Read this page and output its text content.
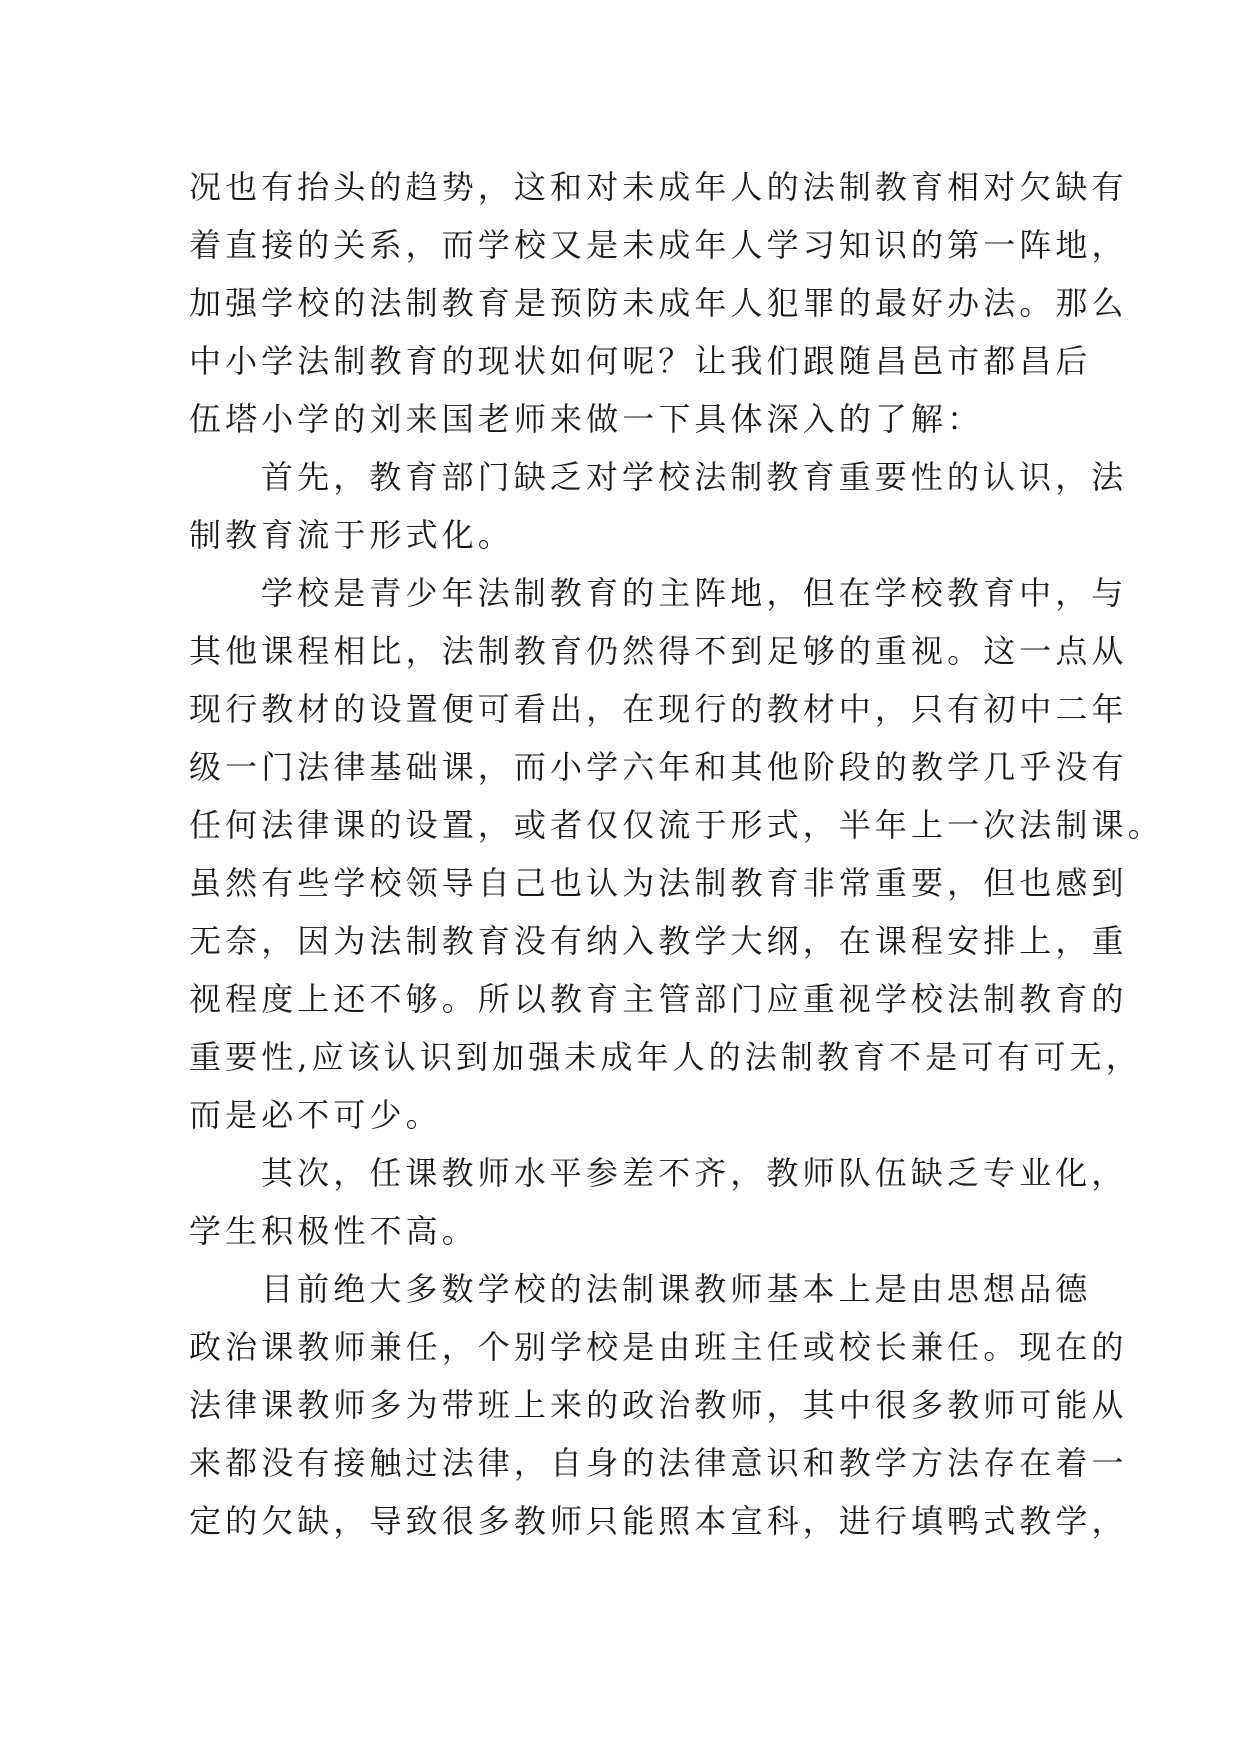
况也有抬头的趋势，这和对未成年人的法制教育相对欠缺有
着直接的关系，而学校又是未成年人学习知识的第一阵地，
加强学校的法制教育是预防未成年人犯罪的最好办法。那么
中小学法制教育的现状如何呢？让我们跟随昌邑市都昌后
伍塔小学的刘来国老师来做一下具体深入的了解：
首先，教育部门缺乏对学校法制教育重要性的认识，法
制教育流于形式化。
学校是青少年法制教育的主阵地，但在学校教育中，与
其他课程相比，法制教育仍然得不到足够的重视。这一点从
现行教材的设置便可看出，在现行的教材中，只有初中二年
级一门法律基础课，而小学六年和其他阶段的教学几乎没有
任何法律课的设置，或者仅仅流于形式，半年上一次法制课。
虽然有些学校领导自己也认为法制教育非常重要，但也感到
无奈，因为法制教育没有纳入教学大纲，在课程安排上，重
视程度上还不够。所以教育主管部门应重视学校法制教育的
重要性,应该认识到加强未成年人的法制教育不是可有可无，
而是必不可少。
其次，任课教师水平参差不齐，教师队伍缺乏专业化，
学生积极性不高。
目前绝大多数学校的法制课教师基本上是由思想品德
政治课教师兼任，个别学校是由班主任或校长兼任。现在的
法律课教师多为带班上来的政治教师，其中很多教师可能从
来都没有接触过法律，自身的法律意识和教学方法存在着一
定的欠缺，导致很多教师只能照本宣科，进行填鸭式教学，
